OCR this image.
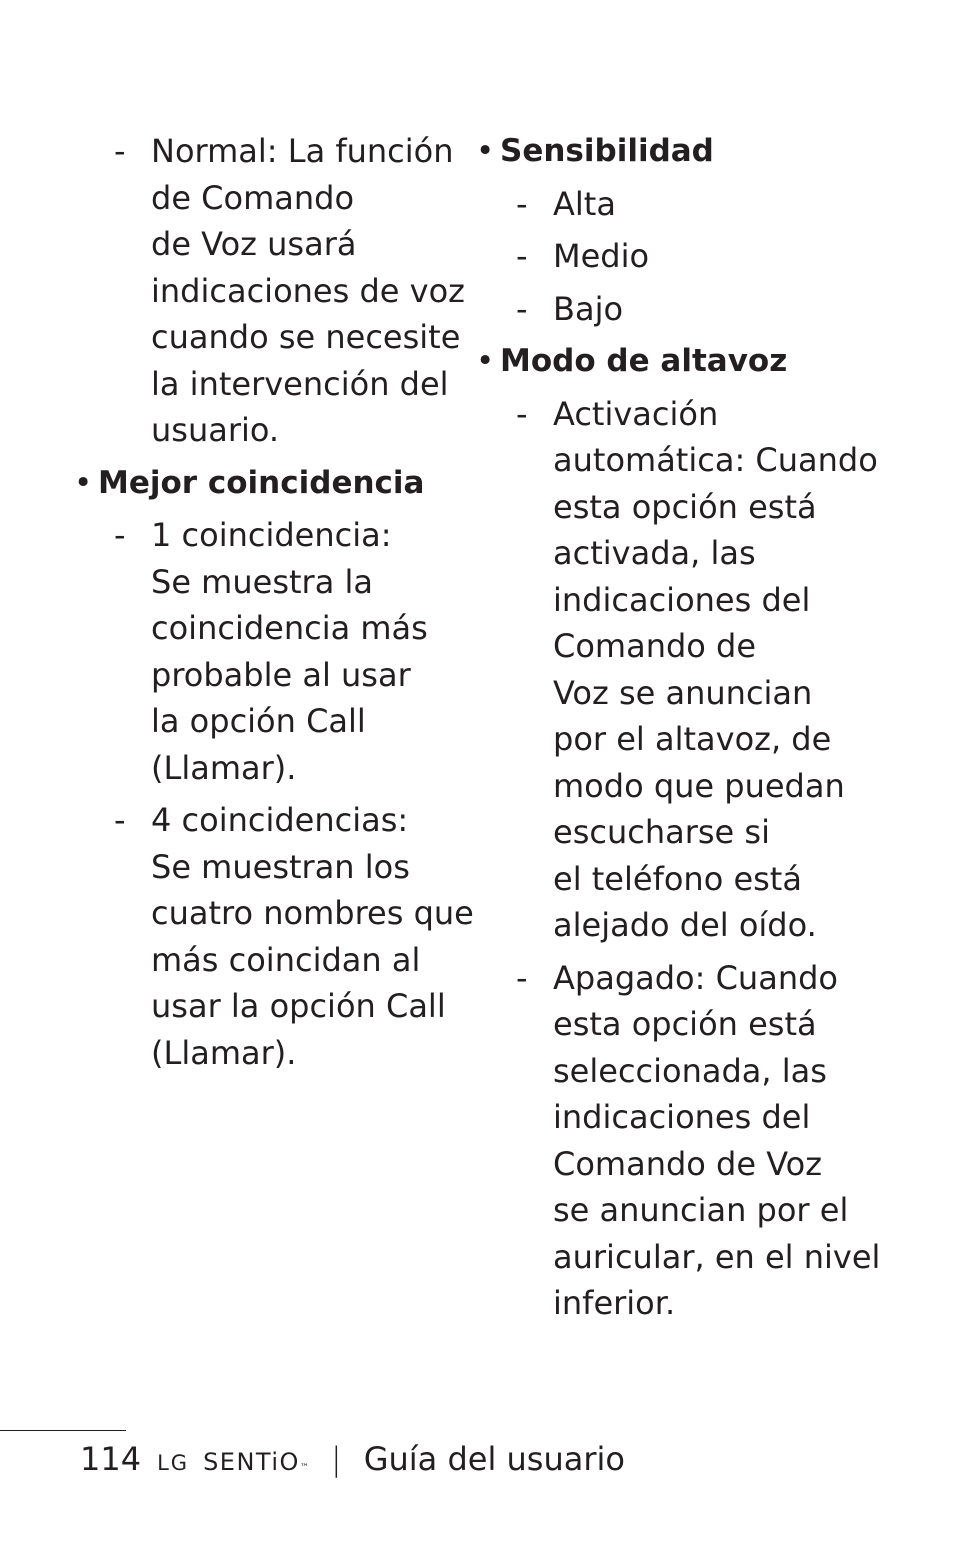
- Normal: La función
de Comando
de Voz usará
indicaciones de voz
cuando se necesite
la intervención del
usuario.
• Mejor coincidencia
- 1 coincidencia:
Se muestra la
coincidencia más
probable al usar
la opción Call
(Llamar).
- 4 coincidencias:
Se muestran los
cuatro nombres que
más coincidan al
usar la opción Call
(Llamar).
• Sensibilidad
- Alta
- Medio
- Bajo
• Modo de altavoz
- Activación
automática: Cuando
esta opción está
activada, las
indicaciones del
Comando de
Voz se anuncian
por el altavoz, de
modo que puedan
escucharse si
el teléfono está
alejado del oído.
- Apagado: Cuando
esta opción está
seleccionada, las
indicaciones del
Comando de Voz
se anuncian por el
auricular, en el nivel
inferior.
114 LG SENTiO ™ | Guía del usuario
